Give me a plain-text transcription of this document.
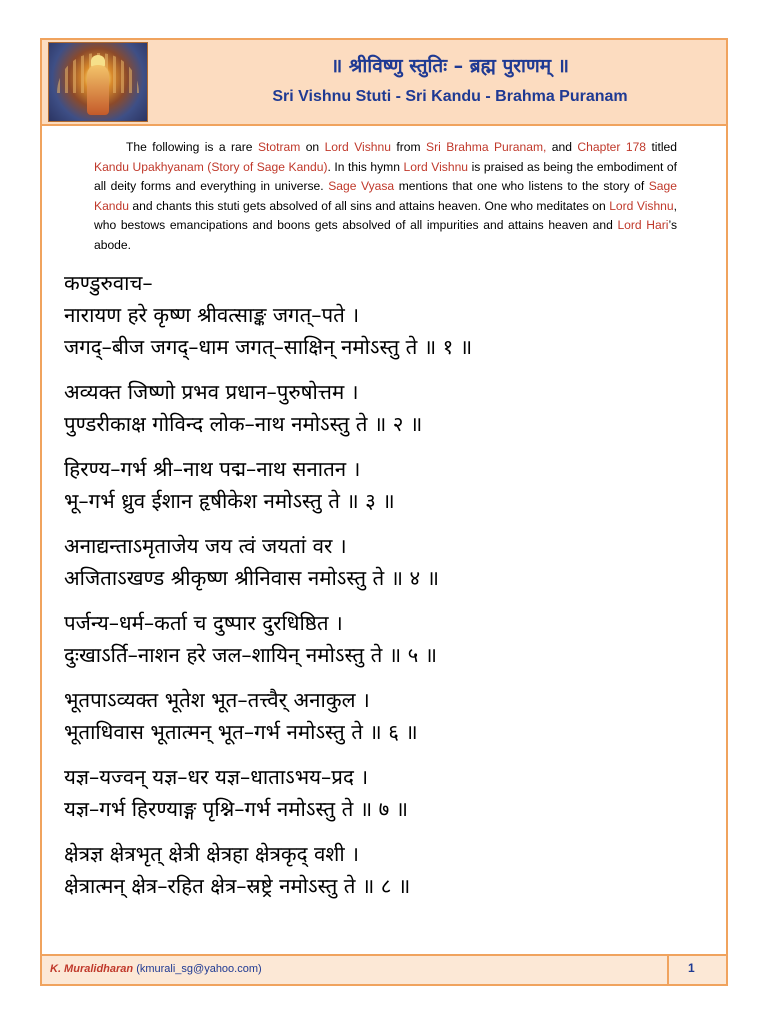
॥ श्रीविष्णु स्तुतिः – ब्रह्म पुराणम् ॥
Sri Vishnu Stuti - Sri Kandu - Brahma Puranam
The following is a rare Stotram on Lord Vishnu from Sri Brahma Puranam, and Chapter 178 titled Kandu Upakhyanam (Story of Sage Kandu). In this hymn Lord Vishnu is praised as being the embodiment of all deity forms and everything in universe. Sage Vyasa mentions that one who listens to the story of Sage Kandu and chants this stuti gets absolved of all sins and attains heaven. One who meditates on Lord Vishnu, who bestows emancipations and boons gets absolved of all impurities and attains heaven and Lord Hari’s abode.
कण्डुरुवाच–
नारायण हरे कृष्ण श्रीवत्साङ्क जगत्–पते ।
जगद्–बीज जगद्–धाम जगत्–साक्षिन् नमोऽस्तु ते ॥ १ ॥
अव्यक्त जिष्णो प्रभव प्रधान–पुरुषोत्तम ।
पुण्डरीकाक्ष गोविन्द लोक–नाथ नमोऽस्तु ते ॥ २ ॥
हिरण्य–गर्भ श्री–नाथ पद्म–नाथ सनातन ।
भू–गर्भ ध्रुव ईशान हृषीकेश नमोऽस्तु ते ॥ ३ ॥
अनाद्यन्ताऽमृताजेय जय त्वं जयतां वर ।
अजिताऽखण्ड श्रीकृष्ण श्रीनिवास नमोऽस्तु ते ॥ ४ ॥
पर्जन्य–धर्म–कर्ता च दुष्पार दुरधिष्ठित ।
दुःखाऽर्ति–नाशन हरे जल–शायिन् नमोऽस्तु ते ॥ ५ ॥
भूतपाऽव्यक्त भूतेश भूत–तत्त्वैर् अनाकुल ।
भूताधिवास भूतात्मन् भूत–गर्भ नमोऽस्तु ते ॥ ६ ॥
यज्ञ–यज्वन् यज्ञ–धर यज्ञ–धाताऽभय–प्रद ।
यज्ञ–गर्भ हिरण्याङ्ग पृश्नि–गर्भ नमोऽस्तु ते ॥ ७ ॥
क्षेत्रज्ञ क्षेत्रभृत् क्षेत्री क्षेत्रहा क्षेत्रकृद् वशी ।
क्षेत्रात्मन् क्षेत्र–रहित क्षेत्र–स्रष्ट्रे नमोऽस्तु ते ॥ ८ ॥
K. Muralidharan (kmurali_sg@yahoo.com)	1
